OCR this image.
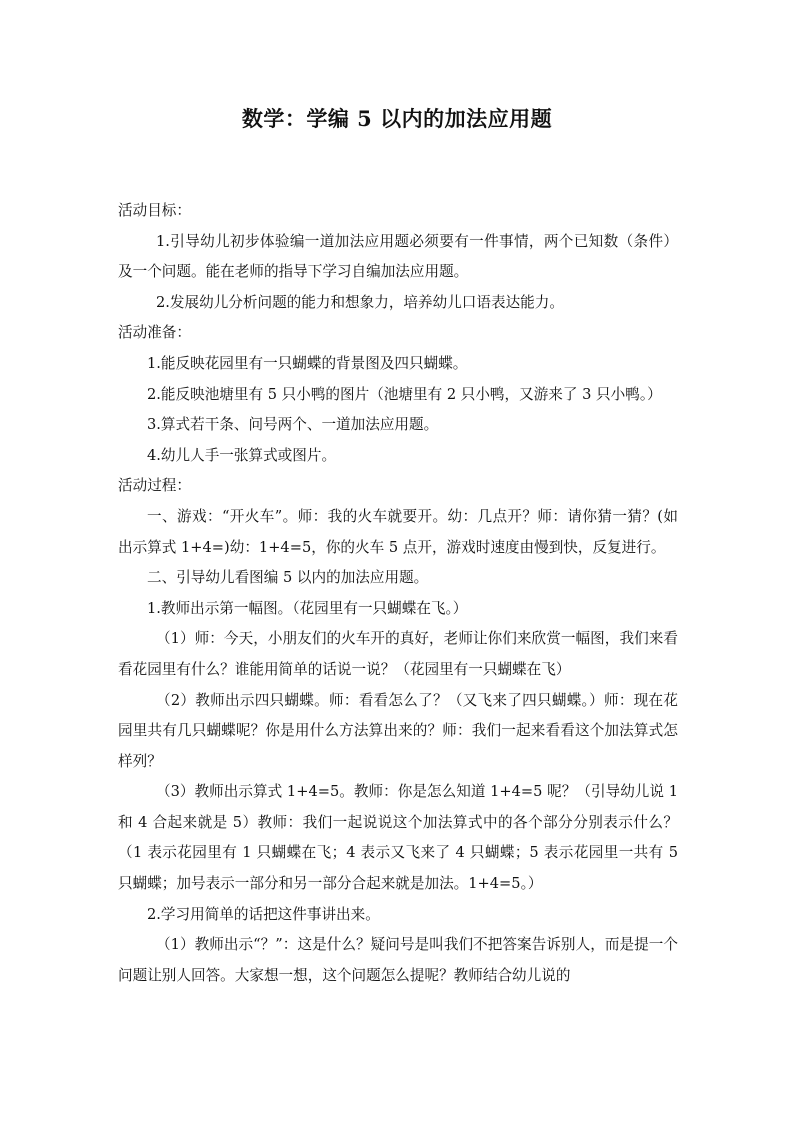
数学：学编 5 以内的加法应用题

活动目标：

1.引导幼儿初步体验编一道加法应用题必须要有一件事情，两个已知数（条件）及一个问题。能在老师的指导下学习自编加法应用题。

2.发展幼儿分析问题的能力和想象力，培养幼儿口语表达能力。

活动准备：

1.能反映花园里有一只蝴蝶的背景图及四只蝴蝶。

2.能反映池塘里有 5 只小鸭的图片（池塘里有 2 只小鸭，又游来了 3 只小鸭。）

3.算式若干条、问号两个、一道加法应用题。

4.幼儿人手一张算式或图片。

活动过程：

一、游戏：“开火车”。师：我的火车就要开。幼：几点开？师：请你猜一猜？(如出示算式 1+4=)幼：1+4=5，你的火车 5 点开，游戏时速度由慢到快，反复进行。

二、引导幼儿看图编 5 以内的加法应用题。

1.教师出示第一幅图。（花园里有一只蝴蝶在飞。）

（1）师：今天，小朋友们的火车开的真好，老师让你们来欣赏一幅图，我们来看看花园里有什么？谁能用简单的话说一说？（花园里有一只蝴蝶在飞）

（2）教师出示四只蝴蝶。师：看看怎么了？（又飞来了四只蝴蝶。）师：现在花园里共有几只蝴蝶呢？你是用什么方法算出来的？师：我们一起来看看这个加法算式怎样列？

（3）教师出示算式 1+4=5。教师：你是怎么知道 1+4=5 呢？（引导幼儿说 1 和 4 合起来就是 5）教师：我们一起说说这个加法算式中的各个部分分别表示什么？（1 表示花园里有 1 只蝴蝶在飞；4 表示又飞来了 4 只蝴蝶；5 表示花园里一共有 5 只蝴蝶；加号表示一部分和另一部分合起来就是加法。1+4=5。）

2.学习用简单的话把这件事讲出来。

（1）教师出示“？”：这是什么？疑问号是叫我们不把答案告诉别人，而是提一个问题让别人回答。大家想一想，这个问题怎么提呢？教师结合幼儿说的
